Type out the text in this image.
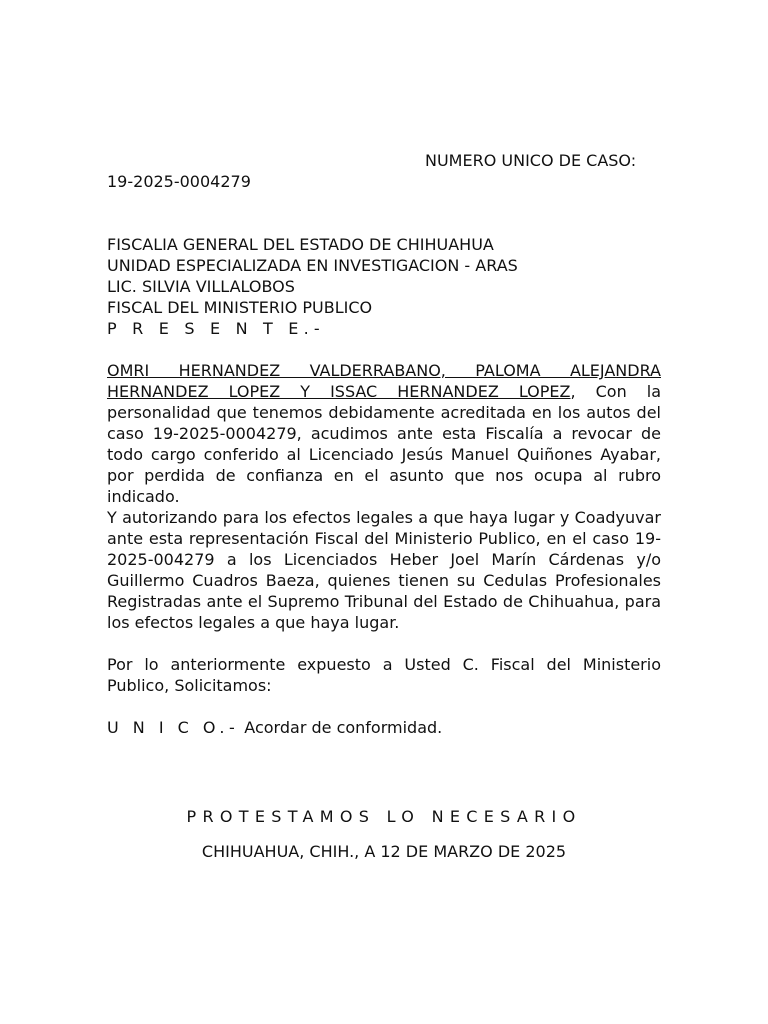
NUMERO UNICO DE CASO:
19-2025-0004279
FISCALIA GENERAL DEL ESTADO DE CHIHUAHUA
UNIDAD ESPECIALIZADA EN INVESTIGACION - ARAS
LIC. SILVIA VILLALOBOS
FISCAL DEL MINISTERIO PUBLICO
P R E S E N T E.-

OMRI HERNANDEZ VALDERRABANO, PALOMA ALEJANDRA HERNANDEZ LOPEZ Y ISSAC HERNANDEZ LOPEZ, Con la personalidad que tenemos debidamente acreditada en los autos del caso 19-2025-0004279, acudimos ante esta Fiscalía a revocar de todo cargo conferido al Licenciado Jesús Manuel Quiñones Ayabar, por perdida de confianza en el asunto que nos ocupa al rubro indicado.

Y autorizando para los efectos legales a que haya lugar y Coadyuvar ante esta representación Fiscal del Ministerio Publico, en el caso 19-2025-004279 a los Licenciados Heber Joel Marín Cárdenas y/o Guillermo Cuadros Baeza, quienes tienen su Cedulas Profesionales Registradas ante el Supremo Tribunal del Estado de Chihuahua, para los efectos legales a que haya lugar.

Por lo anteriormente expuesto a Usted C. Fiscal del Ministerio Publico, Solicitamos:

U N I C O.- Acordar de conformidad.

PROTESTAMOS LO NECESARIO
CHIHUAHUA, CHIH., A 12 DE MARZO DE 2025
